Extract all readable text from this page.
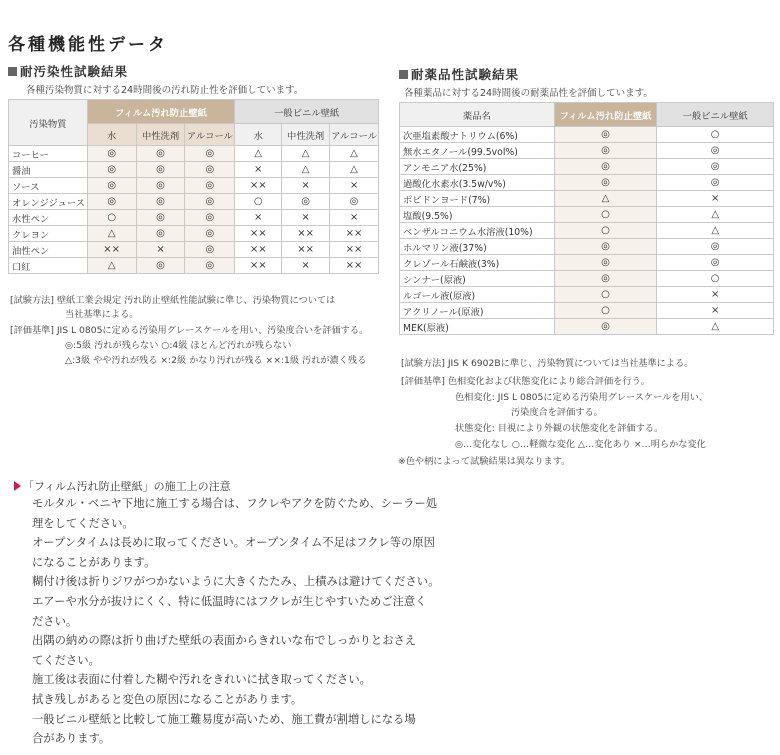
各種機能性データ
耐汚染性試験結果
各種汚染物質に対する24時間後の汚れ防止性を評価しています。
汚染物質	フィルム汚れ防止壁紙			一般ビニル壁紙		
	水	中性洗剤	アルコール	水	中性洗剤	アルコール
コーヒー	◎	◎	◎	△	△	△
醤油	◎	◎	◎	×	△	△
ソース	◎	◎	◎	××	×	×
オレンジジュース	◎	◎	◎	○	◎	◎
水性ペン	○	◎	◎	×	×	×
クレヨン	△	◎	◎	××	××	××
油性ペン	××	×	◎	××	××	××
口紅	△	◎	◎	××	×	××
[試験方法] 壁紙工業会規定 汚れ防止壁紙性能試験に準じ、汚染物質については
当社基準による。
[評価基準] JIS L 0805に定める汚染用グレースケールを用い、汚染度合いを評価する。
◎:5級 汚れが残らない ○:4級 ほとんど汚れが残らない
△:3級 やや汚れが残る ×:2級 かなり汚れが残る ××:1級 汚れが濃く残る
耐薬品性試験結果
各種薬品に対する24時間後の耐薬品性を評価しています。
薬品名	フィルム汚れ防止壁紙	一般ビニル壁紙
次亜塩素酸ナトリウム(6%)	◎	○
無水エタノール(99.5vol%)	◎	◎
アンモニア水(25%)	◎	◎
過酸化水素水(3.5w/v%)	◎	◎
ポビドンヨード(7%)	△	×
塩酸(9.5%)	○	△
ベンザルコニウム水溶液(10%)	○	△
ホルマリン液(37%)	◎	◎
クレゾール石鹸液(3%)	◎	◎
シンナー(原液)	◎	○
ルゴール液(原液)	○	×
アクリノール(原液)	○	×
MEK(原液)	◎	△
[試験方法] JIS K 6902Bに準じ、汚染物質については当社基準による。
[評価基準] 色相変化および状態変化により総合評価を行う。
色相変化: JIS L 0805に定める汚染用グレースケールを用い、
汚染度合を評価する。
状態変化: 目視により外観の状態変化を評価する。
◎…変化なし ○…軽微な変化 △…変化あり ×…明らかな変化
※色や柄によって試験結果は異なります。
「フィルム汚れ防止壁紙」の施工上の注意

モルタル・ベニヤ下地に施工する場合は、フクレやアクを防ぐため、シーラー処

理をしてください。

オープンタイムは長めに取ってください。オープンタイム不足はフクレ等の原因

になることがあります。

糊付け後は折りジワがつかないように大きくたたみ、上積みは避けてください。

エアーや水分が抜けにくく、特に低温時にはフクレが生じやすいためご注意く

ださい。

出隅の納めの際は折り曲げた壁紙の表面からきれいな布でしっかりとおさえ

てください。

施工後は表面に付着した糊や汚れをきれいに拭き取ってください。

拭き残しがあると変色の原因になることがあります。

一般ビニル壁紙と比較して施工難易度が高いため、施工費が割増しになる場

合があります。
